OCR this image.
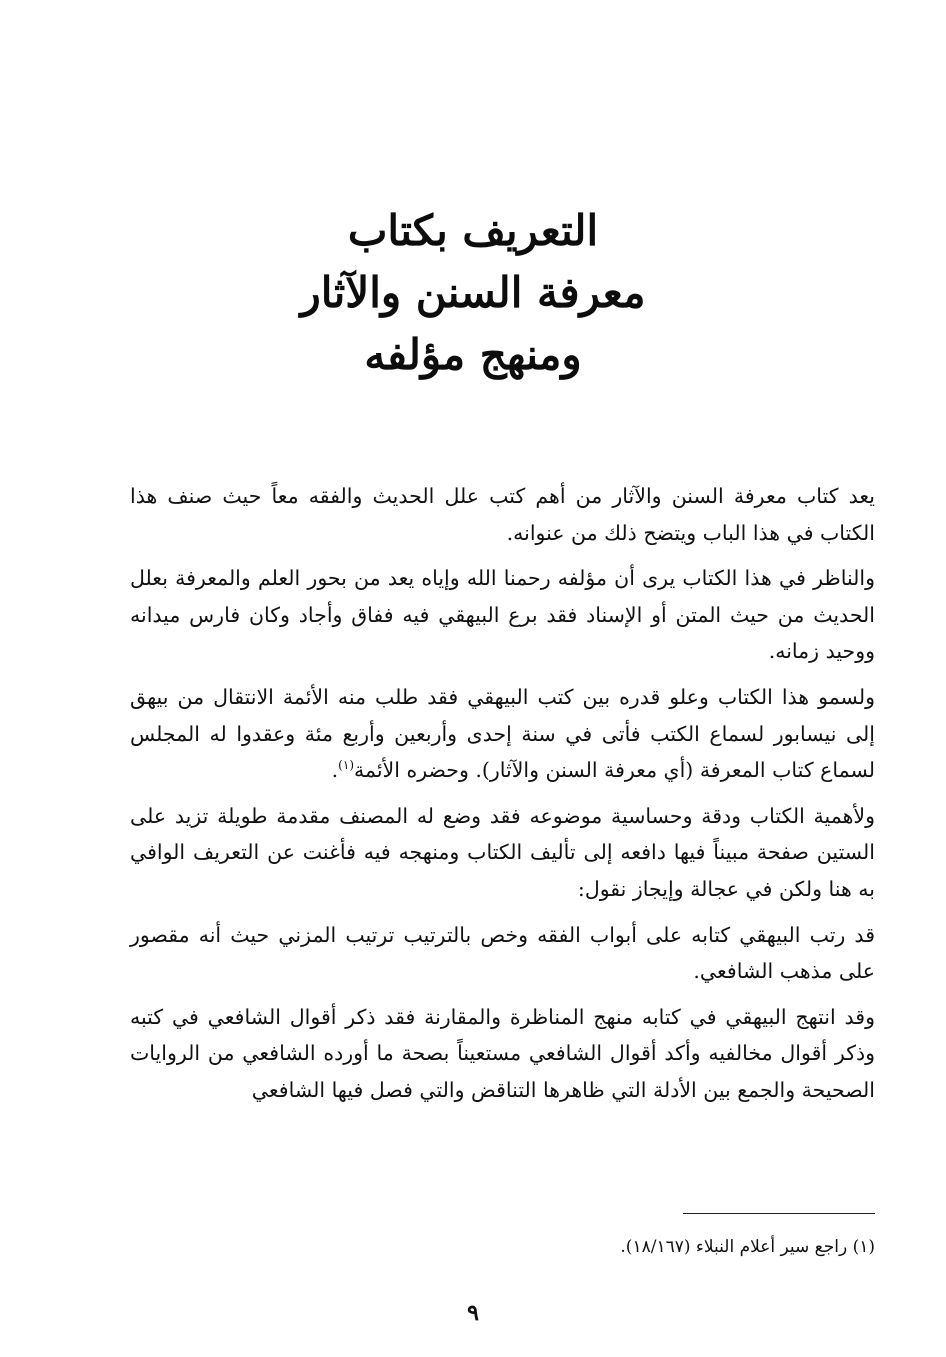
التعريف بكتاب
معرفة السنن والآثار
ومنهج مؤلفه

يعد كتاب معرفة السنن والآثار من أهم كتب علل الحديث والفقه معاً حيث صنف هذا الكتاب في هذا الباب ويتضح ذلك من عنوانه.

والناظر في هذا الكتاب يرى أن مؤلفه رحمنا الله وإياه يعد من بحور العلم والمعرفة بعلل الحديث من حيث المتن أو الإسناد فقد برع البيهقي فيه ففاق وأجاد وكان فارس ميدانه ووحيد زمانه.

ولسمو هذا الكتاب وعلو قدره بين كتب البيهقي فقد طلب منه الأئمة الانتقال من بيهق إلى نيسابور لسماع الكتب فأتى في سنة إحدى وأربعين وأربع مئة وعقدوا له المجلس لسماع كتاب المعرفة (أي معرفة السنن والآثار). وحضره الأئمة$^{(١)}$.

ولأهمية الكتاب ودقة وحساسية موضوعه فقد وضع له المصنف مقدمة طويلة تزيد على الستين صفحة مبيناً فيها دافعه إلى تأليف الكتاب ومنهجه فيه فأغنت عن التعريف الوافي به هنا ولكن في عجالة وإيجاز نقول:

قد رتب البيهقي كتابه على أبواب الفقه وخص بالترتيب ترتيب المزني حيث أنه مقصور على مذهب الشافعي.

وقد انتهج البيهقي في كتابه منهج المناظرة والمقارنة فقد ذكر أقوال الشافعي في كتبه وذكر أقوال مخالفيه وأكد أقوال الشافعي مستعيناً بصحة ما أورده الشافعي من الروايات الصحيحة والجمع بين الأدلة التي ظاهرها التناقض والتي فصل فيها الشافعي

(١) راجع سير أعلام النبلاء (١٨/١٦٧).
٩
